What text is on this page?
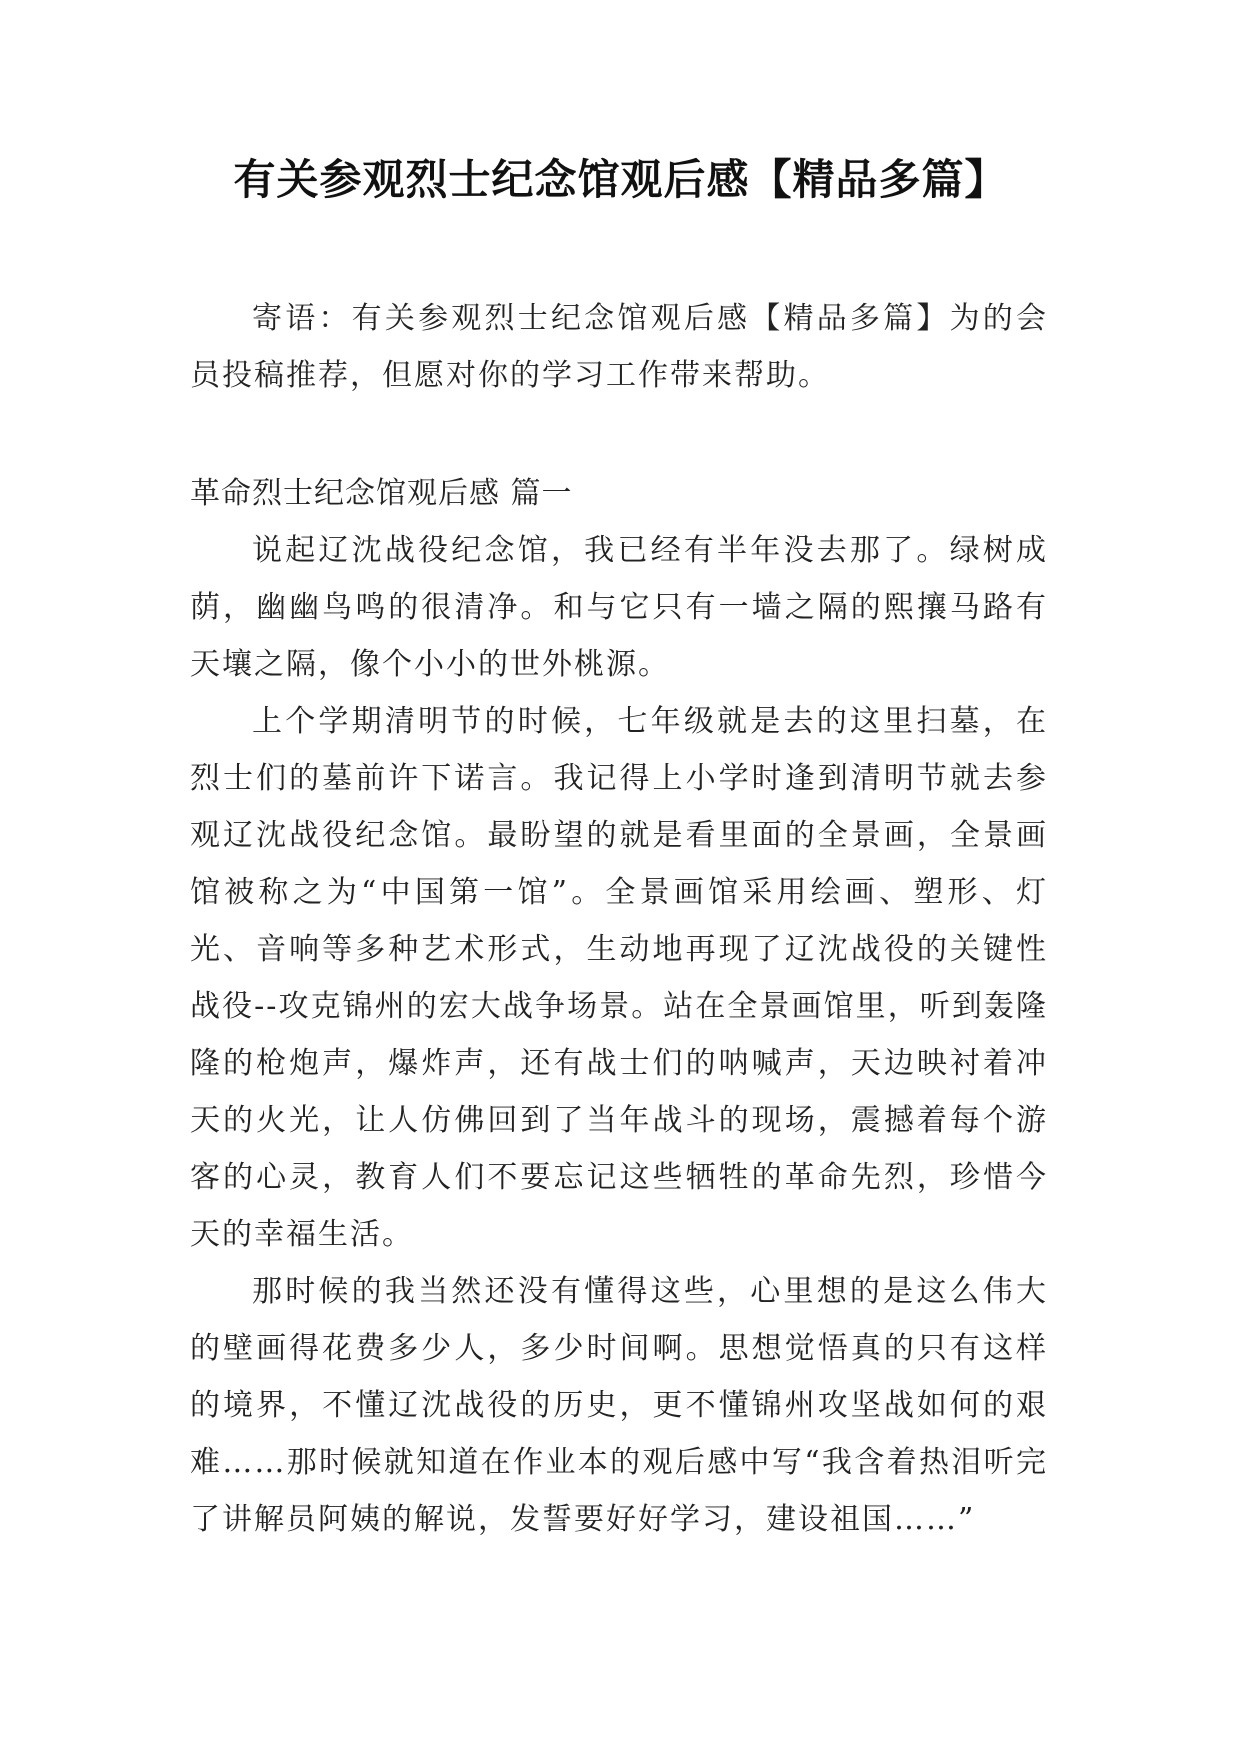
有关参观烈士纪念馆观后感【精品多篇】

寄语：有关参观烈士纪念馆观后感【精品多篇】为的会员投稿推荐，但愿对你的学习工作带来帮助。

革命烈士纪念馆观后感 篇一

说起辽沈战役纪念馆，我已经有半年没去那了。绿树成荫，幽幽鸟鸣的很清净。和与它只有一墙之隔的熙攘马路有天壤之隔，像个小小的世外桃源。

上个学期清明节的时候，七年级就是去的这里扫墓，在烈士们的墓前许下诺言。我记得上小学时逢到清明节就去参观辽沈战役纪念馆。最盼望的就是看里面的全景画，全景画馆被称之为“中国第一馆”。全景画馆采用绘画、塑形、灯光、音响等多种艺术形式，生动地再现了辽沈战役的关键性战役--攻克锦州的宏大战争场景。站在全景画馆里，听到轰隆隆的枪炮声，爆炸声，还有战士们的呐喊声，天边映衬着冲天的火光，让人仿佛回到了当年战斗的现场，震撼着每个游客的心灵，教育人们不要忘记这些牺牲的革命先烈，珍惜今天的幸福生活。

那时候的我当然还没有懂得这些，心里想的是这么伟大的壁画得花费多少人，多少时间啊。思想觉悟真的只有这样的境界，不懂辽沈战役的历史，更不懂锦州攻坚战如何的艰难……那时候就知道在作业本的观后感中写“我含着热泪听完了讲解员阿姨的解说，发誓要好好学习，建设祖国……”
